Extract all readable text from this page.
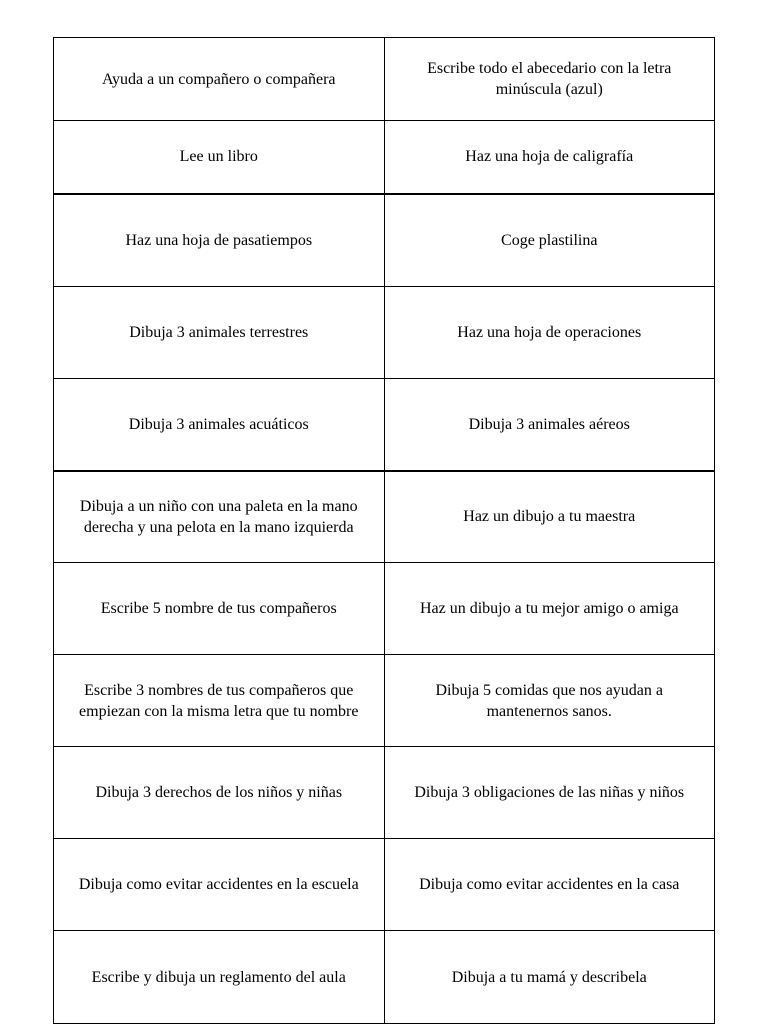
Ayuda a un compañero o compañera	Escribe todo el abecedario con la letra minúscula (azul)
Lee un libro	Haz una hoja de caligrafía
Haz una hoja de pasatiempos	Coge plastilina
Dibuja 3 animales terrestres	Haz una hoja de operaciones
Dibuja 3 animales acuáticos	Dibuja 3 animales aéreos
Dibuja a un niño con una paleta en la mano derecha y una pelota en la mano izquierda	Haz un dibujo a tu maestra
Escribe 5 nombre de tus compañeros	Haz un dibujo a tu mejor amigo o amiga
Escribe 3 nombres de tus compañeros que empiezan con la misma letra que tu nombre	Dibuja 5 comidas que nos ayudan a mantenernos sanos.
Dibuja 3 derechos de los niños y niñas	Dibuja 3 obligaciones de las niñas y niños
Dibuja como evitar accidentes en la escuela	Dibuja como evitar accidentes en la casa
Escribe y dibuja un reglamento del aula	Dibuja a tu mamá y describela
